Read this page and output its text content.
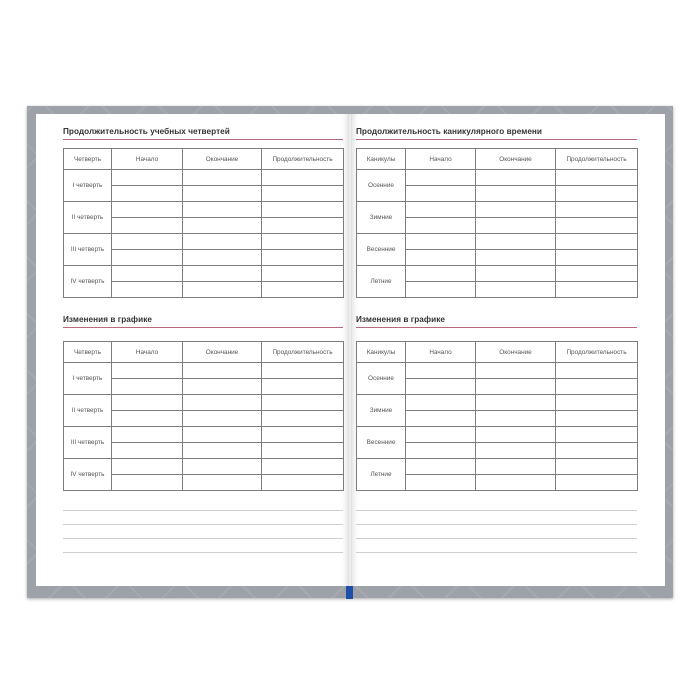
Продолжительность учебных четвертей
Четверть	Начало	Окончание	Продолжительность
I четверть			

II четверть			

III четверть			

IV четверть			

Изменения в графике
Четверть	Начало	Окончание	Продолжительность
I четверть			

II четверть			

III четверть			

IV четверть			

Продолжительность каникулярного времени
Каникулы	Начало	Окончание	Продолжительность
Осенние			

Зимние			

Весенние			

Летние			

Изменения в графике
Каникулы	Начало	Окончание	Продолжительность
Осенние			

Зимние			

Весенние			

Летние			
